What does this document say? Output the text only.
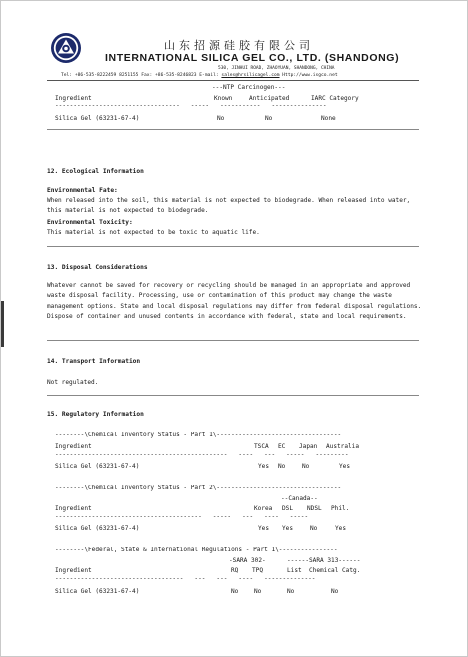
山东招源硅胶有限公司
INTERNATIONAL SILICA GEL CO., LTD. (SHANDONG)
530, JINHUI ROAD, ZHAOYUAN, SHANDONG, CHINA
Tel: +86-535-8222459 8251155 Fax: +86-535-8246823 E-mail: sales@hrsilicagel.com Http://www.isgco.net
---NTP Carcinogen---
Ingredient	Known	Anticipated	IARC Category
----------------------------------   -----   -----------   ---------------
Silica Gel (63231-67-4)	No	No	None
12. Ecological Information
Environmental Fate:
When released into the soil, this material is not expected to biodegrade. When released into water, this material is not expected to biodegrade.
Environmental Toxicity:
This material is not expected to be toxic to aquatic life.
13. Disposal Considerations
Whatever cannot be saved for recovery or recycling should be managed in an appropriate and approved waste disposal facility. Processing, use or contamination of this product may change the waste management options. State and local disposal regulations may differ from federal disposal regulations. Dispose of container and unused contents in accordance with federal, state and local requirements.
14. Transport Information
Not regulated.
15. Regulatory Information
--------\Chemical Inventory Status - Part 1\----------------------------------
Ingredient	TSCA EC Japan Australia
-----------------------------------------------   ----   ---   -----   ---------
Silica Gel (63231-67-4)	Yes No	No	Yes
--------\Chemical Inventory Status - Part 2\----------------------------------
--Canada--
Ingredient	Korea DSL NDSL Phil.
----------------------------------------   -----   ---   ----   -----
Silica Gel (63231-67-4)	Yes Yes	No	Yes
--------\Federal, State & International Regulations - Part 1\----------------
-SARA 302-	------SARA 313------
Ingredient	RQ TPQ	List Chemical Catg.
-----------------------------------   ---   ---   ----   --------------
Silica Gel (63231-67-4)	No	No	No	No
